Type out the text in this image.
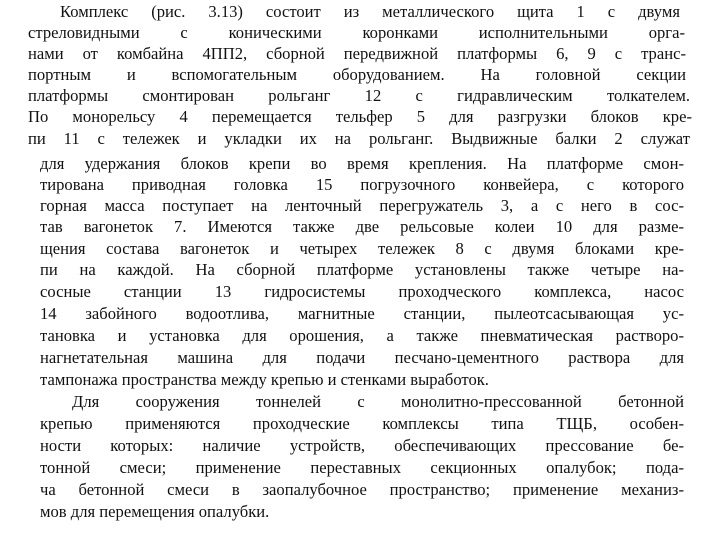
Комплекс (рис. 3.13) состоит из металлического щита 1 с двумя
стреловидными с коническими коронками исполнительными орга-
нами от комбайна 4ПП2, сборной передвижной платформы 6, 9 с транс-
портным и вспомогательным оборудованием. На головной секции
платформы смонтирован рольганг 12 с гидравлическим толкателем.
По монорельсу 4 перемещается тельфер 5 для разгрузки блоков кре-
пи 11 с тележек и укладки их на рольганг. Выдвижные балки 2 служат
для удержания блоков крепи во время крепления. На платформе смон-
тирована приводная головка 15 погрузочного конвейера, с которого
горная масса поступает на ленточный перегружатель 3, а с него в сос-
тав вагонеток 7. Имеются также две рельсовые колеи 10 для разме-
щения состава вагонеток и четырех тележек 8 с двумя блоками кре-
пи на каждой. На сборной платформе установлены также четыре на-
сосные станции 13 гидросистемы проходческого комплекса, насос
14 забойного водоотлива, магнитные станции, пылеотсасывающая ус-
тановка и установка для орошения, а также пневматическая растворо-
нагнетательная машина для подачи песчано-цементного раствора для
тампонажа пространства между крепью и стенками выработок.
Для сооружения тоннелей с монолитно-прессованной бетонной
крепью применяются проходческие комплексы типа ТЩБ, особен-
ности которых: наличие устройств, обеспечивающих прессование бе-
тонной смеси; применение переставных секционных опалубок; пода-
ча бетонной смеси в заопалубочное пространство; применение механиз-
мов для перемещения опалубки.
